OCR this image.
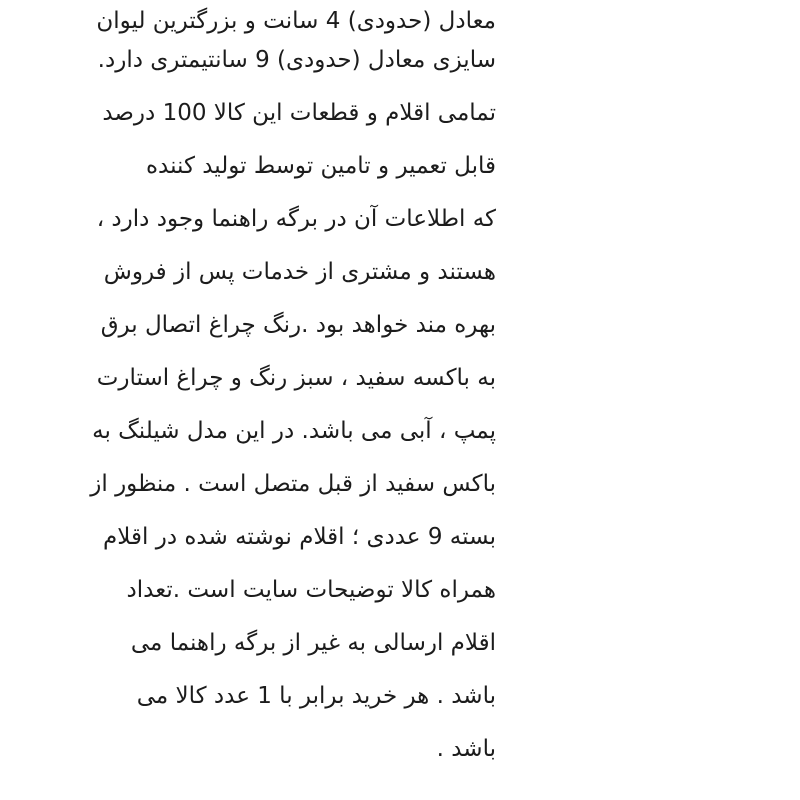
معادل (حدودی) 4 سانت و بزرگترین لیوان
سایزی معادل (حدودی) 9 سانتیمتری دارد.
تمامی اقلام و قطعات این کالا 100 درصد
قابل تعمیر و تامین توسط تولید کننده
که اطلاعات آن در برگه راهنما وجود دارد ،
هستند و مشتری از خدمات پس از فروش
بهره مند خواهد بود .رنگ چراغ اتصال برق
به باکسه سفید ، سبز رنگ و چراغ استارت
پمپ ، آبی می باشد. در این مدل شیلنگ به
باکس سفید از قبل متصل است . منظور از
بسته 9 عددی ؛ اقلام نوشته شده در اقلام
همراه کالا توضیحات سایت است .تعداد
اقلام ارسالی به غیر از برگه راهنما می
باشد . هر خرید برابر با 1 عدد کالا می
باشد .
